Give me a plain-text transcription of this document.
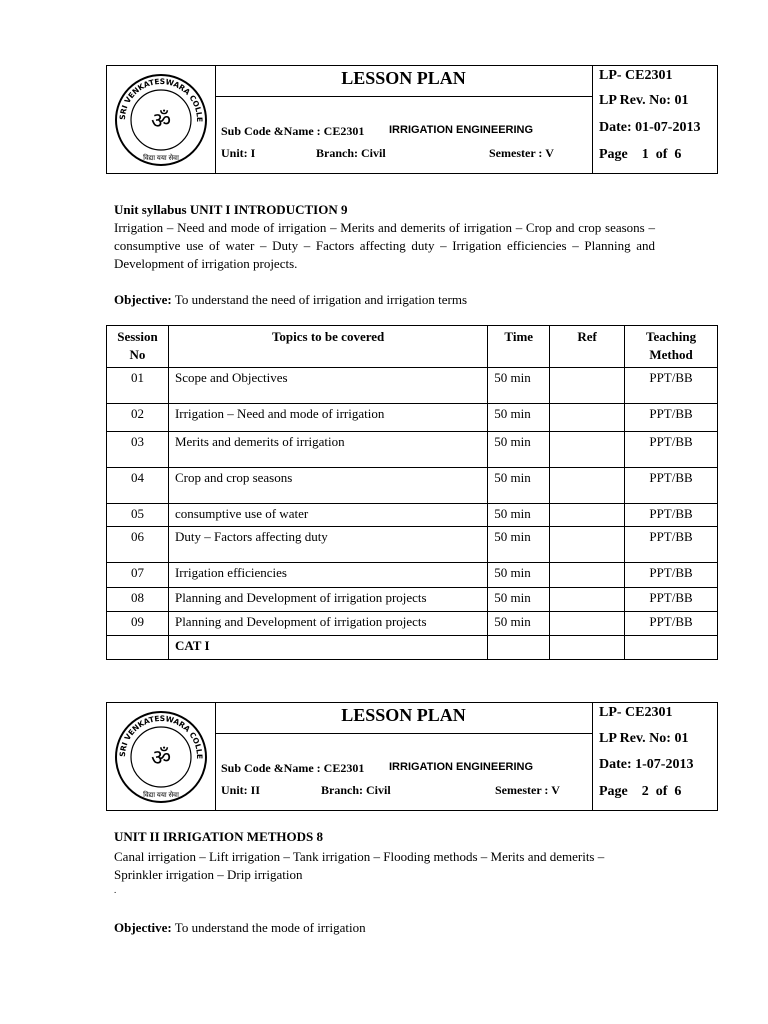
SRI VENKATESWARA COLLE
ॐ
विद्या यया सेवा
LESSON PLAN
Sub Code &Name : CE2301 IRRIGATION ENGINEERING
Unit: I	Branch: Civil	Semester : V
LP- CE2301
LP Rev. No: 01
Date: 01-07-2013
Page    1  of  6
Unit syllabus UNIT I INTRODUCTION 9
Irrigation – Need and mode of irrigation – Merits and demerits of irrigation – Crop and crop seasons – consumptive use of water – Duty – Factors affecting duty – Irrigation efficiencies – Planning and Development of irrigation projects.
Objective: To understand the need of irrigation and irrigation terms
Session No	Topics to be covered	Time	Ref	Teaching Method
01	Scope and Objectives	50 min		PPT/BB
02	Irrigation – Need and mode of irrigation	50 min		PPT/BB
03	Merits and demerits of irrigation	50 min		PPT/BB
04	Crop and crop seasons	50 min		PPT/BB
05	consumptive use of water	50 min		PPT/BB
06	Duty – Factors affecting duty	50 min		PPT/BB
07	Irrigation efficiencies	50 min		PPT/BB
08	Planning and Development of irrigation projects	50 min		PPT/BB
09	Planning and Development of irrigation projects	50 min		PPT/BB
	CAT I			
SRI VENKATESWARA COLLE
ॐ
विद्या यया सेवा
LESSON PLAN
Sub Code &Name : CE2301 IRRIGATION ENGINEERING
Unit: II	Branch: Civil	Semester : V
LP- CE2301
LP Rev. No: 01
Date: 1-07-2013
Page    2  of  6
UNIT II IRRIGATION METHODS 8
Canal irrigation – Lift irrigation – Tank irrigation – Flooding methods – Merits and demerits – Sprinkler irrigation – Drip irrigation
.
Objective: To understand the mode of irrigation
